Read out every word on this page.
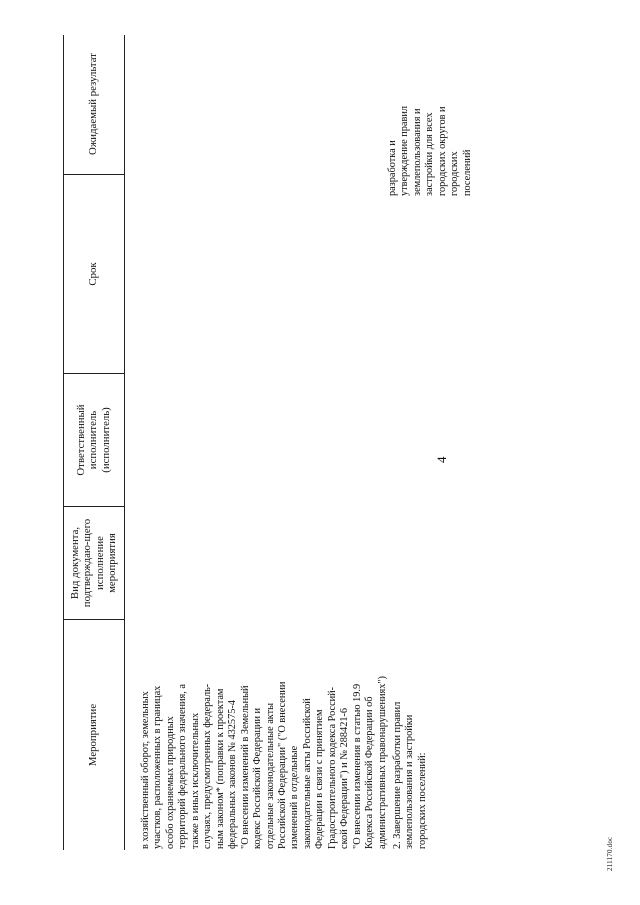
4
Мероприятие
Вид документа, подтверждаю-щего исполнение мероприятия
Ответственный исполнитель (исполнитель)
Срок
Ожидаемый результат
в хозяйственный оборот, земельных участков, расположенных в границах особо охраняемых природных территорий федерального значения, а также в иных исключительных случаях, предусмотренных федераль- ным законом* (поправки к проектам федеральных законов № 432575-4 "О внесении изменений в Земельный кодекс Российской Федерации и отдельные законодательные акты Российской Федерации" ("О внесении изменений в отдельные законодательные акты Российской Федерации в связи с принятием Градостроительного кодекса Россий- ской Федерации") и № 288421-6 "О внесении изменения в статью 19.9 Кодекса Российской Федерации об административных правонарушениях") 2. Завершение разработки правил землепользования и застройки городских поселений:
разработка и утверждение правил землепользования и застройки для всех городских округов и городских поселений
211170.doc
